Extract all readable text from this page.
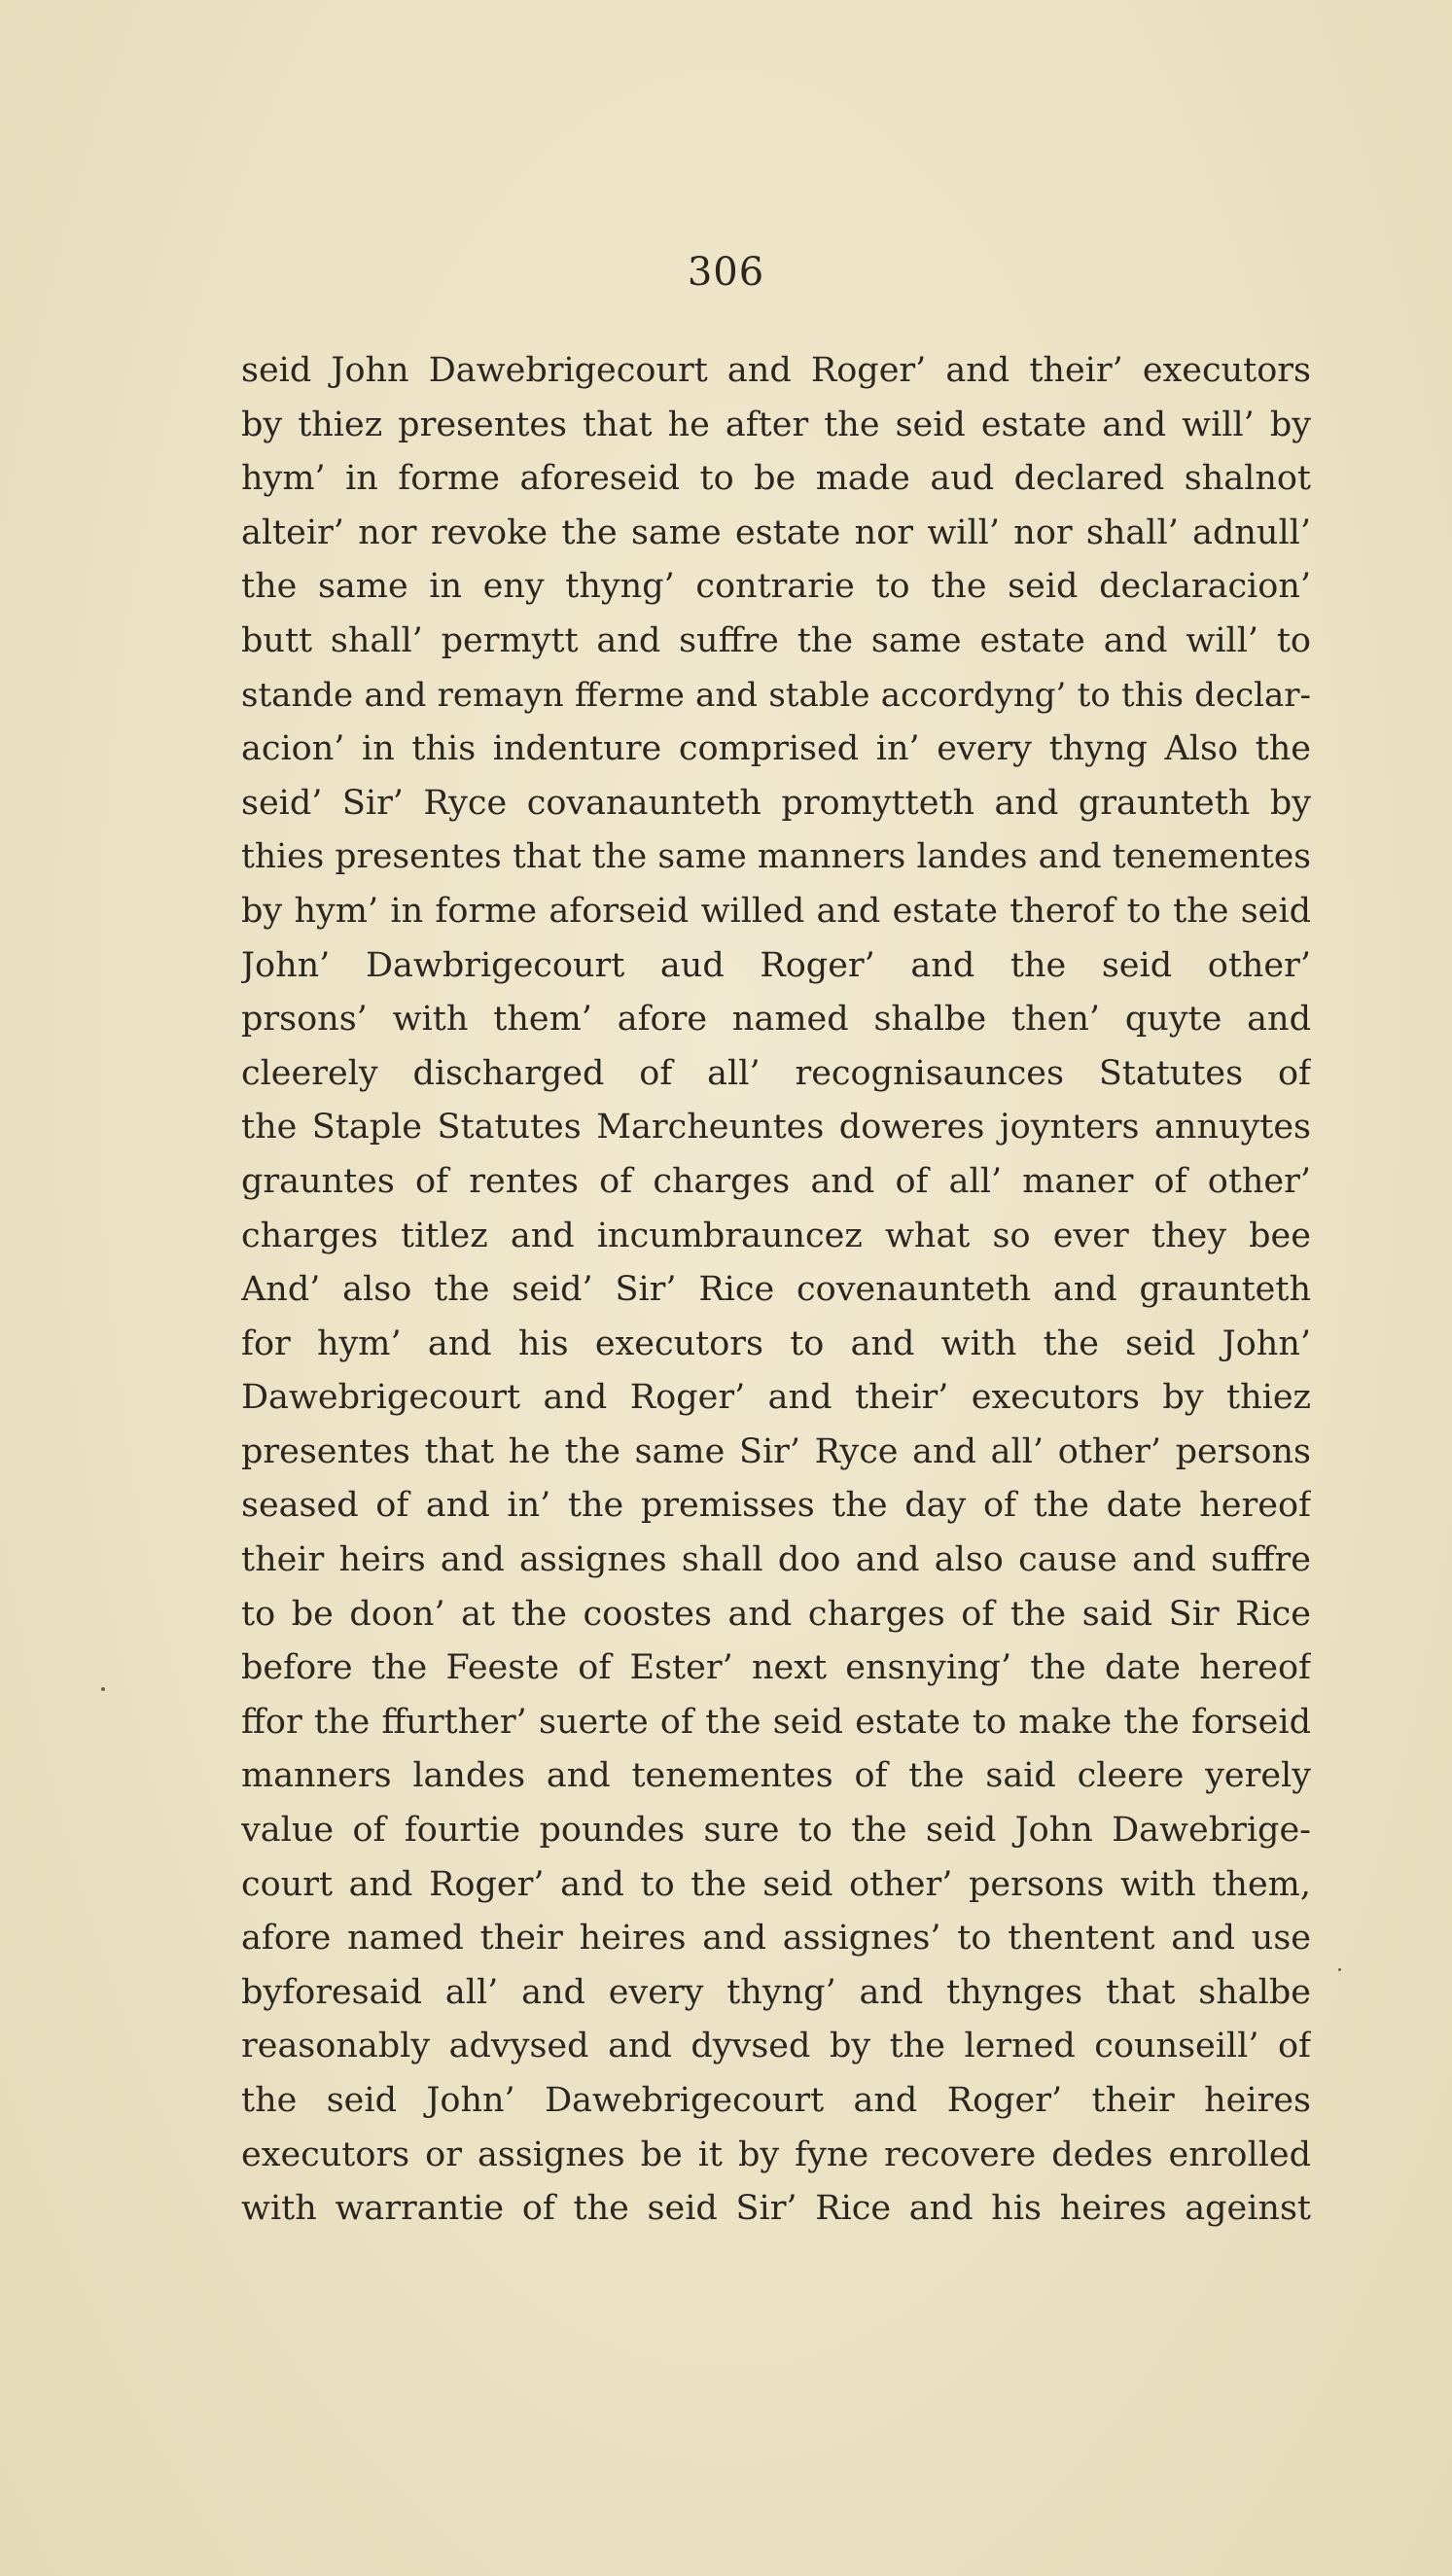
306
seid John Dawebrigecourt and Roger’ and their’ executors
by thiez presentes that he after the seid estate and will’ by
hym’ in forme aforeseid to be made aud declared shalnot
alteir’ nor revoke the same estate nor will’ nor shall’ adnull’
the same in eny thyng’ contrarie to the seid declaracion’
butt shall’ permytt and suffre the same estate and will’ to
stande and remayn fferme and stable accordyng’ to this declar-
acion’ in this indenture comprised in’ every thyng Also the
seid’ Sir’ Ryce covanaunteth promytteth and graunteth by
thies presentes that the same manners landes and tenementes
by hym’ in forme aforseid willed and estate therof to the seid
John’ Dawbrigecourt aud Roger’ and the seid other’
prsons’ with them’ afore named shalbe then’ quyte and
cleerely discharged of all’ recognisaunces Statutes of
the Staple Statutes Marcheuntes doweres joynters annuytes
grauntes of rentes of charges and of all’ maner of other’
charges titlez and incumbrauncez what so ever they bee
And’ also the seid’ Sir’ Rice covenaunteth and graunteth
for hym’ and his executors to and with the seid John’
Dawebrigecourt and Roger’ and their’ executors by thiez
presentes that he the same Sir’ Ryce and all’ other’ persons
seased of and in’ the premisses the day of the date hereof
their heirs and assignes shall doo and also cause and suffre
to be doon’ at the coostes and charges of the said Sir Rice
before the Feeste of Ester’ next ensnying’ the date hereof
ffor the ffurther’ suerte of the seid estate to make the forseid
manners landes and tenementes of the said cleere yerely
value of fourtie poundes sure to the seid John Dawebrige-
court and Roger’ and to the seid other’ persons with them,
afore named their heires and assignes’ to thentent and use
byforesaid all’ and every thyng’ and thynges that shalbe
reasonably advysed and dyvsed by the lerned counseill’ of
the seid John’ Dawebrigecourt and Roger’ their heires
executors or assignes be it by fyne recovere dedes enrolled
with warrantie of the seid Sir’ Rice and his heires ageinst
